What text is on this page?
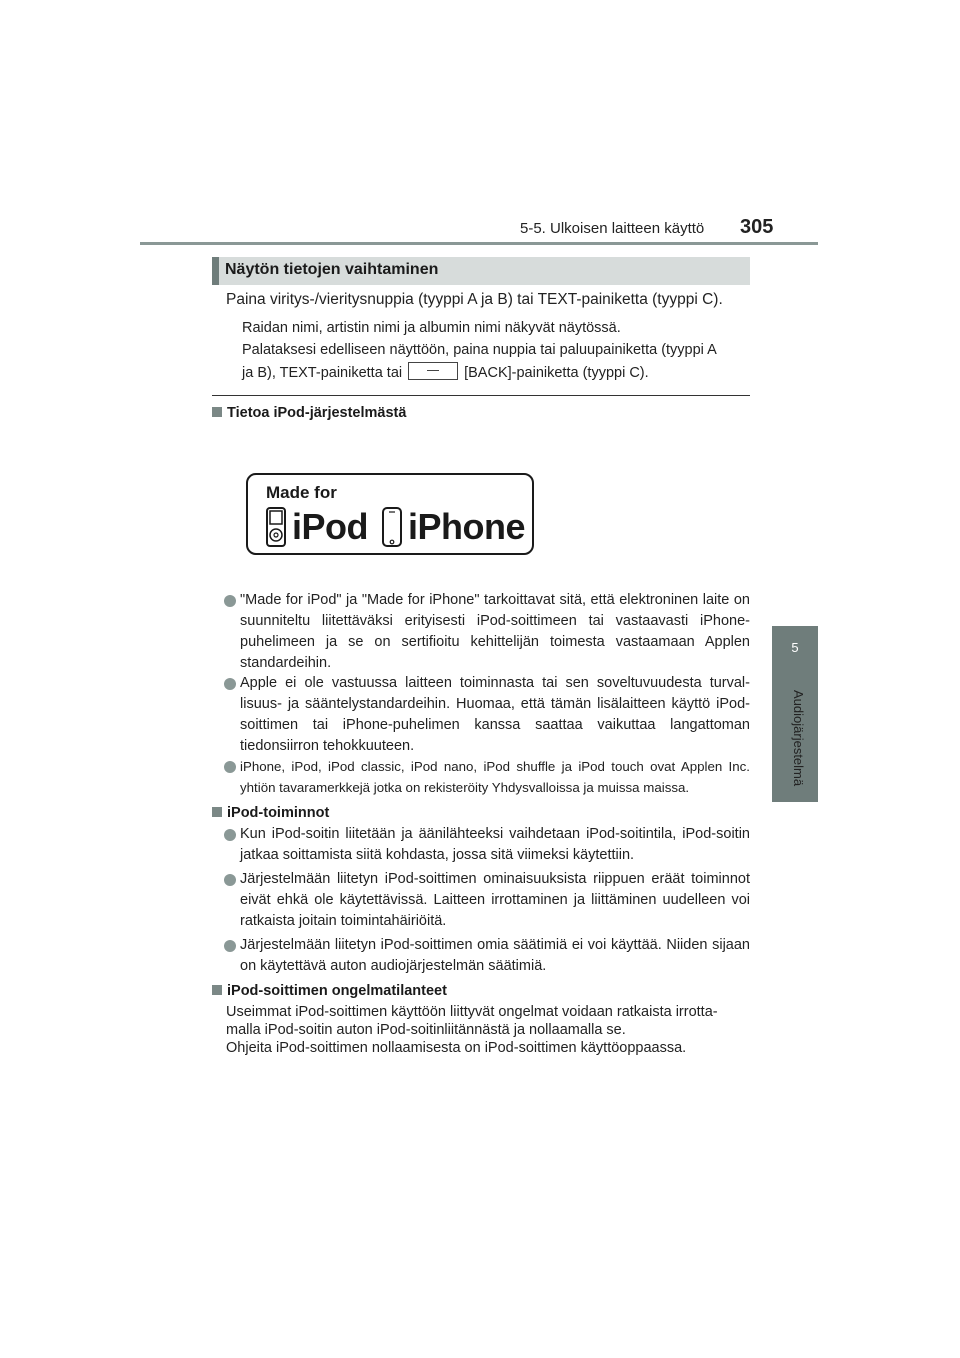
5-5. Ulkoisen laitteen käyttö 305
5
Audiojärjestelmä
Näytön tietojen vaihtaminen
Paina viritys-/vieritysnuppia (tyyppi A ja B) tai TEXT-painiketta (tyyppi C).
Raidan nimi, artistin nimi ja albumin nimi näkyvät näytössä.
Palataksesi edelliseen näyttöön, paina nuppia tai paluupainiketta (tyyppi A
ja B), TEXT-painiketta tai	[BACK]-painiketta (tyyppi C).
Tietoa iPod-järjestelmästä
Made for
iPod iPhone
"Made for iPod" ja "Made for iPhone" tarkoittavat sitä, että elektroninen laite on suunniteltu liitettäväksi erityisesti iPod-soittimeen tai vastaavasti iPhone-puhelimeen ja se on sertifioitu kehittelijän toimesta vastaamaan Applen standardeihin.
Apple ei ole vastuussa laitteen toiminnasta tai sen soveltuvuudesta turval-lisuus- ja sääntelystandardeihin. Huomaa, että tämän lisälaitteen käyttö iPod-soittimen tai iPhone-puhelimen kanssa saattaa vaikuttaa langattoman tiedonsiirron tehokkuuteen.
iPhone, iPod, iPod classic, iPod nano, iPod shuffle ja iPod touch ovat Applen Inc. yhtiön tavaramerkkejä jotka on rekisteröity Yhdysvalloissa ja muissa maissa.
iPod-toiminnot
Kun iPod-soitin liitetään ja äänilähteeksi vaihdetaan iPod-soitintila, iPod-soitin jatkaa soittamista siitä kohdasta, jossa sitä viimeksi käytettiin.
Järjestelmään liitetyn iPod-soittimen ominaisuuksista riippuen eräät toiminnot eivät ehkä ole käytettävissä. Laitteen irrottaminen ja liittäminen uudelleen voi ratkaista joitain toimintahäiriöitä.
Järjestelmään liitetyn iPod-soittimen omia säätimiä ei voi käyttää. Niiden sijaan on käytettävä auton audiojärjestelmän säätimiä.
iPod-soittimen ongelmatilanteet
Useimmat iPod-soittimen käyttöön liittyvät ongelmat voidaan ratkaista irrotta-
malla iPod-soitin auton iPod-soitinliitännästä ja nollaamalla se.
Ohjeita iPod-soittimen nollaamisesta on iPod-soittimen käyttöoppaassa.
